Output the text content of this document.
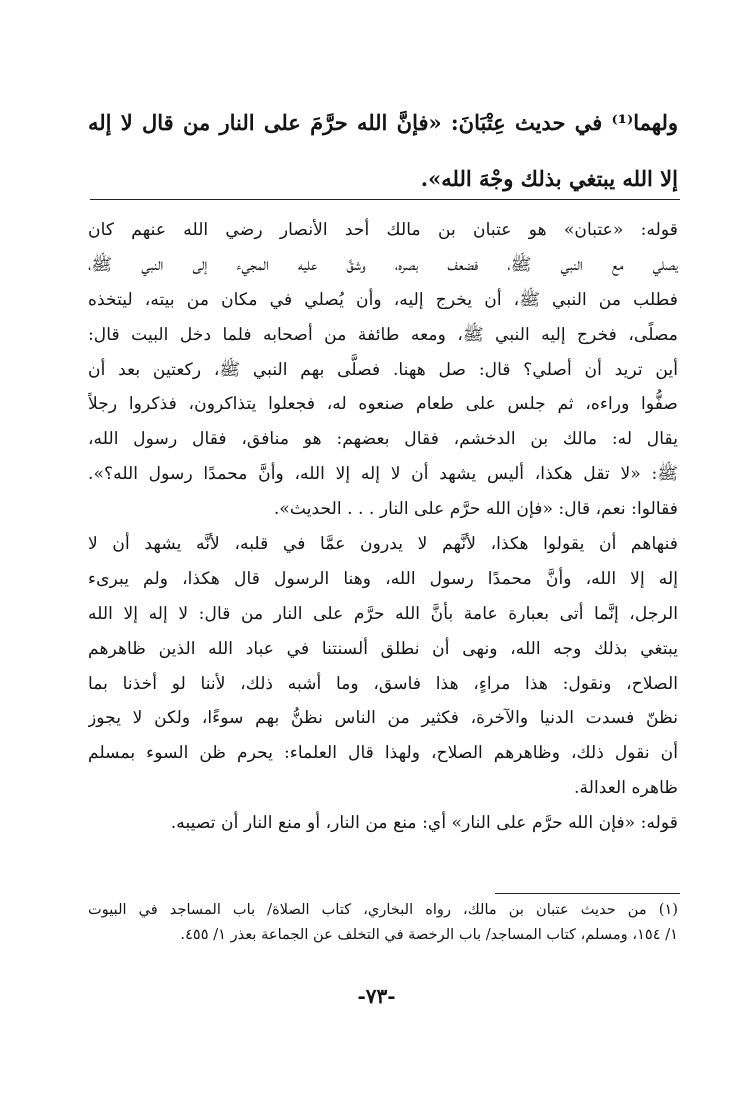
ولهما⁽¹⁾ في حديث عِتْبَانَ: «فإنَّ الله حرَّمَ على النار من قال لا إله
إلا الله يبتغي بذلك وجْهَ الله».
قوله: «عتبان» هو عتبان بن مالك أحد الأنصار رضي الله عنهم كان
يصلي مع النبي ﷺ، فضعف بصره، وشقَّ عليه المجيء إلى النبي ﷺ،
فطلب من النبي ﷺ، أن يخرج إليه، وأن يُصلي في مكان من بيته، ليتخذه
مصلًى، فخرج إليه النبي ﷺ، ومعه طائفة من أصحابه فلما دخل البيت قال:
أين تريد أن أصلي؟ قال: صل ههنا. فصلَّى بهم النبي ﷺ، ركعتين بعد أن
صفُّوا وراءه، ثم جلس على طعام صنعوه له، فجعلوا يتذاكرون، فذكروا رجلاً
يقال له: مالك بن الدخشم، فقال بعضهم: هو منافق، فقال رسول الله،
ﷺ: «لا تقل هكذا، أليس يشهد أن لا إله إلا الله، وأنَّ محمدًا رسول الله؟».
فقالوا: نعم، قال: «فإن الله حرَّم على النار . . . الحديث».
فنهاهم أن يقولوا هكذا، لأنَّهم لا يدرون عمَّا في قلبه، لأنَّه يشهد أن لا
إله إلا الله، وأنَّ محمدًا رسول الله، وهنا الرسول قال هكذا، ولم يبرىء
الرجل، إنَّما أتى بعبارة عامة بأنَّ الله حرَّم على النار من قال: لا إله إلا الله
يبتغي بذلك وجه الله، ونهى أن نطلق ألسنتنا في عباد الله الذين ظاهرهم
الصلاح، ونقول: هذا مراءٍ، هذا فاسق، وما أشبه ذلك، لأننا لو أخذنا بما
نظنّ فسدت الدنيا والآخرة، فكثير من الناس نظنُّ بهم سوءًا، ولكن لا يجوز
أن نقول ذلك، وظاهرهم الصلاح، ولهذا قال العلماء: يحرم ظن السوء بمسلم
ظاهره العدالة.
قوله: «فإن الله حرَّم على النار» أي: منع من النار، أو منع النار أن تصيبه.
(١) من حديث عتبان بن مالك، رواه البخاري، كتاب الصلاة/ باب المساجد في البيوت
١/ ١٥٤، ومسلم، كتاب المساجد/ باب الرخصة في التخلف عن الجماعة بعذر ١/ ٤٥٥.
-٧٣-
